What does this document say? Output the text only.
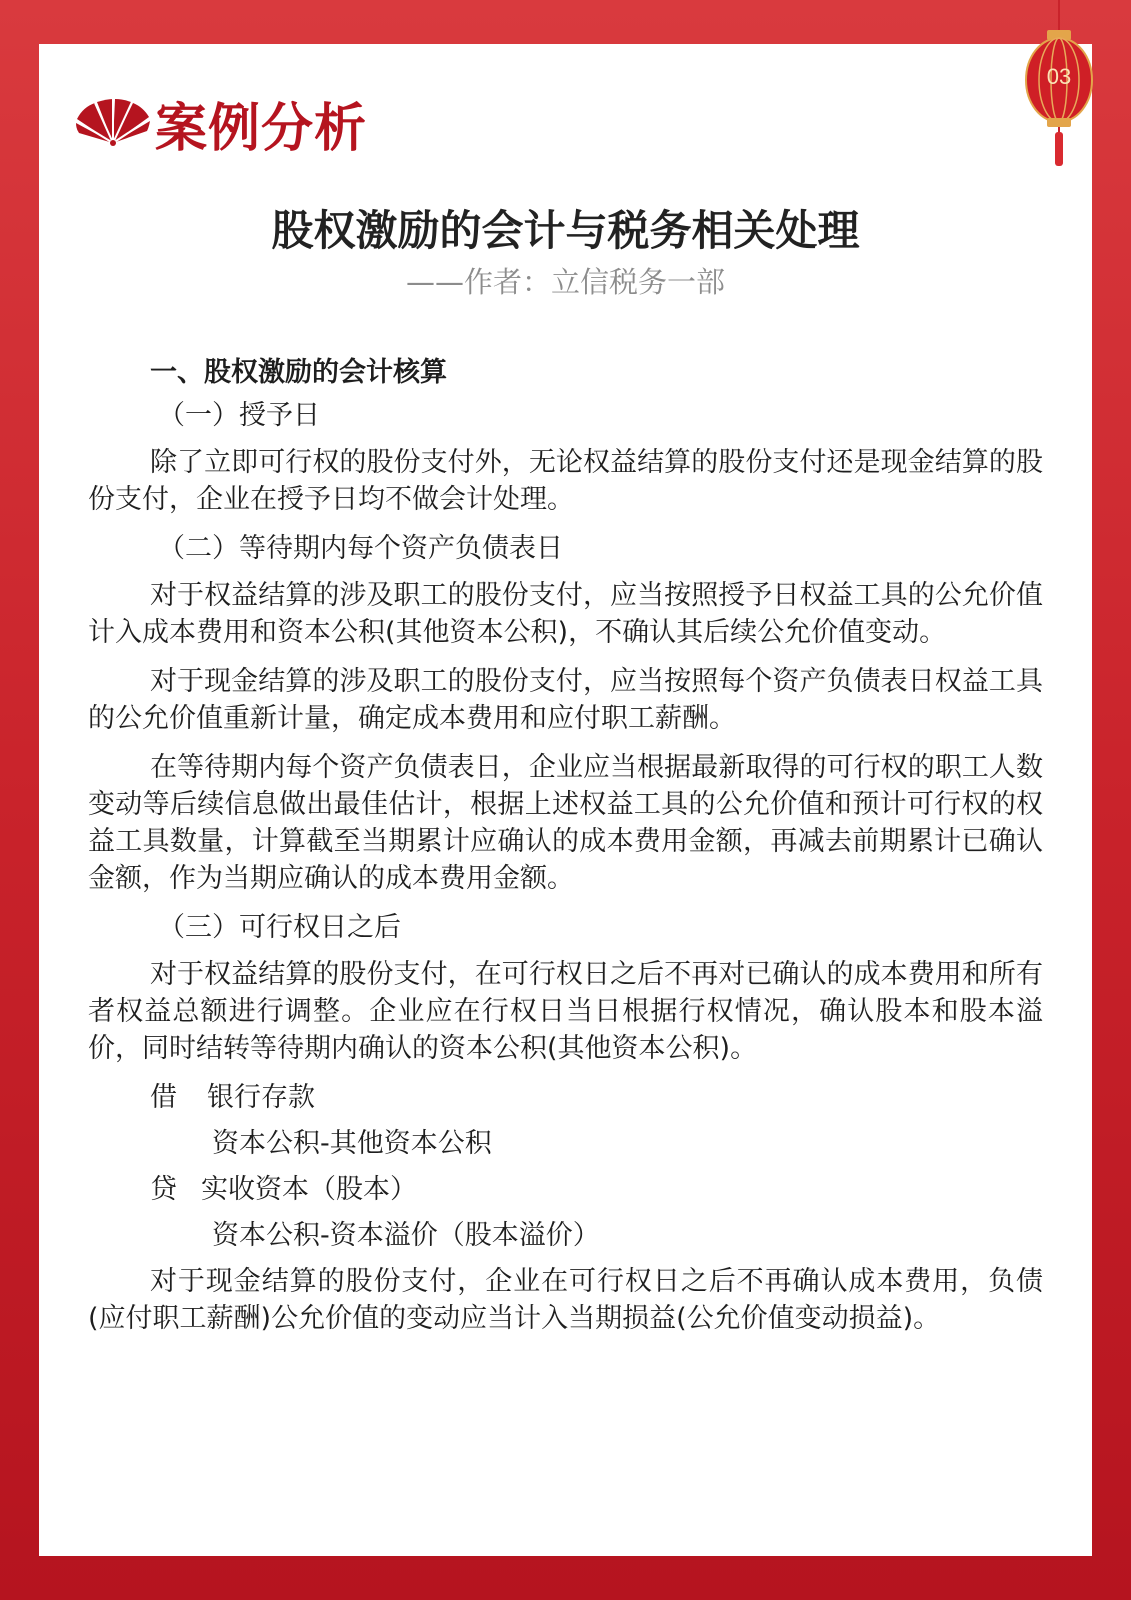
案例分析
03
股权激励的会计与税务相关处理
——作者：立信税务一部

一、股权激励的会计核算

（一）授予日

除了立即可行权的股份支付外，无论权益结算的股份支付还是现金结算的股份支付，企业在授予日均不做会计处理。

（二）等待期内每个资产负债表日

对于权益结算的涉及职工的股份支付，应当按照授予日权益工具的公允价值计入成本费用和资本公积(其他资本公积)，不确认其后续公允价值变动。

对于现金结算的涉及职工的股份支付，应当按照每个资产负债表日权益工具的公允价值重新计量，确定成本费用和应付职工薪酬。

在等待期内每个资产负债表日，企业应当根据最新取得的可行权的职工人数变动等后续信息做出最佳估计，根据上述权益工具的公允价值和预计可行权的权益工具数量，计算截至当期累计应确认的成本费用金额，再减去前期累计已确认金额，作为当期应确认的成本费用金额。

（三）可行权日之后

对于权益结算的股份支付，在可行权日之后不再对已确认的成本费用和所有者权益总额进行调整。企业应在行权日当日根据行权情况，确认股本和股本溢价，同时结转等待期内确认的资本公积(其他资本公积)。

借 银行存款
资本公积-其他资本公积
贷 实收资本（股本）
资本公积-资本溢价（股本溢价）

对于现金结算的股份支付，企业在可行权日之后不再确认成本费用，负债(应付职工薪酬)公允价值的变动应当计入当期损益(公允价值变动损益)。
